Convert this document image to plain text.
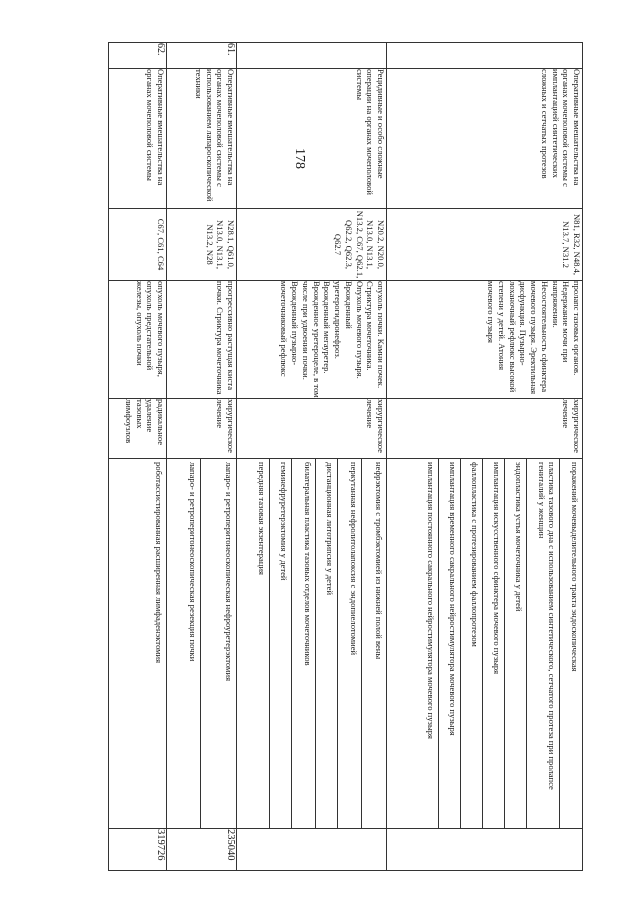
178
		Оперативные вмешательства на органах мочеполовой системы с имплантацией синтетических сложных и сетчатых протезов	N81, R32, N48.4, N13.7, N31.2	пролапс тазовых органов. Недержание мочи при напряжении. Несостоятельность сфинктера мочевого пузыря. Эректильная дисфункция. Пузырно-лоханочный рефлюкс высокой степени у детей. Атония мочевого пузыря	хирургическое лечение	
поражений мочевыделительного тракта эндоскопическая
пластика тазового дна с использованием синтетического, сетчатого протеза при пролапсе гениталий у женщин
эндопластика устья мочеточника у детей
имплантация искусственного сфинктера мочевого пузыря
фаллопластика с протезированием фаллопротезом
имплантация временного сакрального нейростимулятора мочевого пузыря
имплантация постоянного сакрального нейростимулятора мочевого пузыря

	Рецидивные и особо сложные операции на органах мочеполовой системы	N20.2, N20.0, N13.0, N13.1, N13.2, C67, Q62.1, Q62.2, Q62.3, Q62.7	опухоль почки. Камни почек. Стриктура мочеточника. Опухоль мочевого пузыря. Врожденный уретерогидронефроз. Врожденный мегауретер. Врожденное уретероцеле, в том числе при удвоении почки. Врожденный пузырно-мочеточниковый рефлюкс	хирургическое лечение	
нефрэктомия с тромбэктомией из нижней полой вены
перкутанная нефролитолапоксия с эндопиелотомией
дистанционная литотрипсия у детей
билатеральная пластика тазовых отделов мочеточников
геминефруретерэктомия у детей
передняя тазовая экзентерация

61.	Оперативные вмешательства на органах мочеполовой системы с использованием лапароскопической техники	N28.1, Q61.0, N13.0, N13.1, N13.2, N28	прогрессивно растущая киста почки. Стриктура мочеточника	хирургическое лечение	
лапаро- и ретроперитонеоскопическая нефроуретерэктомия
лапаро- и ретроперитонеоскопическая резекция почки
	235040
62.	Оперативные вмешательства на органах мочеполовой системы	C67, C61, C64	опухоль мочевого пузыря, опухоль предстательной железы, опухоль почки	радикальное удаление тазовых лимфоузлов	
роботассистированная расширенная лимфаденэктомия
	319726
